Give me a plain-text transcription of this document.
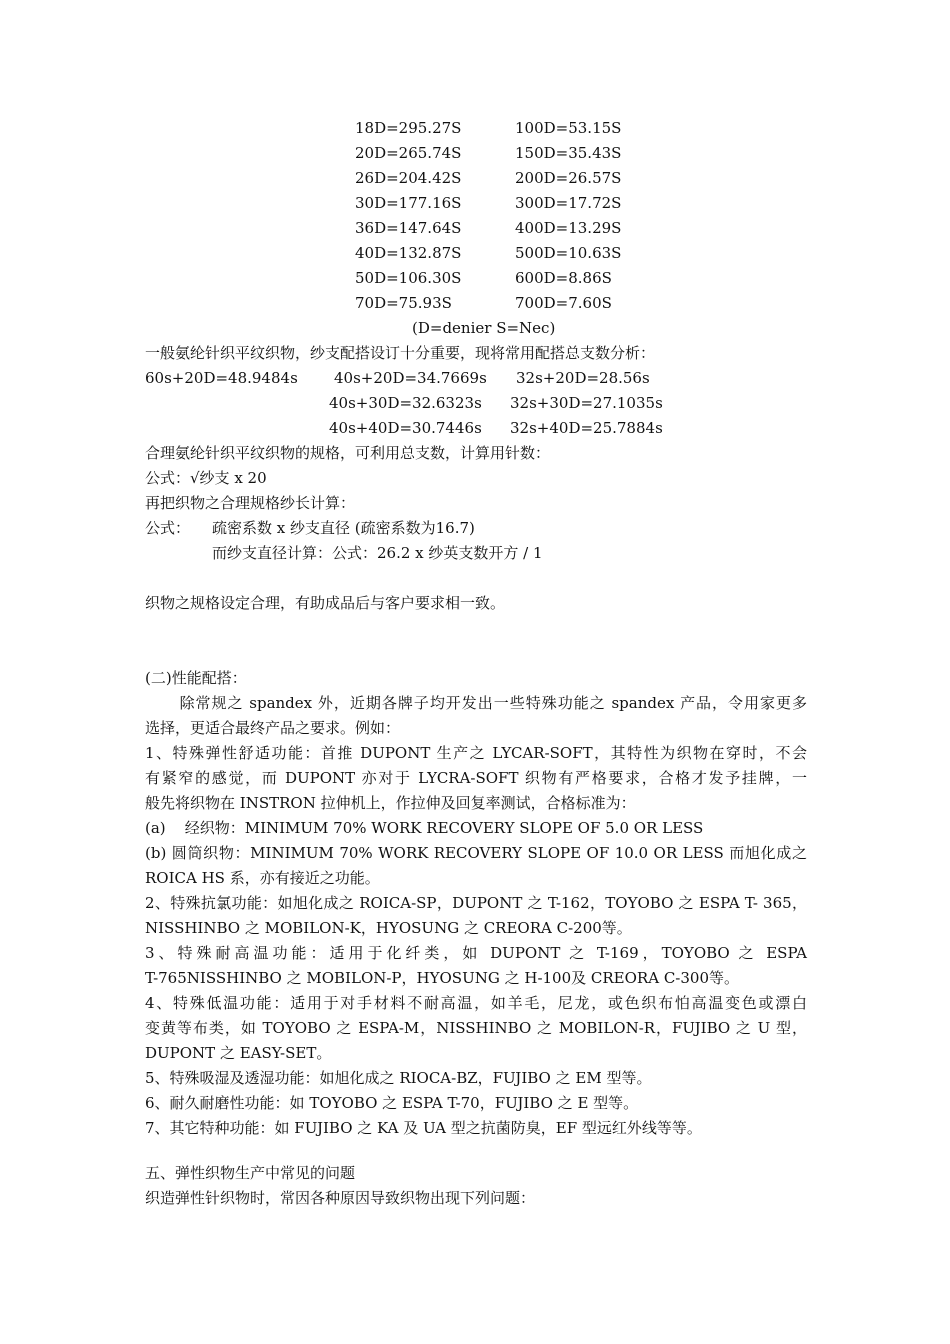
18D=295.27S	100D=53.15S
20D=265.74S	150D=35.43S
26D=204.42S	200D=26.57S
30D=177.16S	300D=17.72S
36D=147.64S	400D=13.29S
40D=132.87S	500D=10.63S
50D=106.30S	600D=8.86S
70D=75.93S	700D=7.60S
(D=denier S=Nec)
一般氨纶针织平纹织物，纱支配搭设订十分重要，现将常用配搭总支数分析：
60s+20D=48.9484s 40s+20D=34.7669s 32s+20D=28.56s
40s+30D=32.6323s 32s+30D=27.1035s
40s+40D=30.7446s 32s+40D=25.7884s
合理氨纶针织平纹织物的规格，可利用总支数，计算用针数：
公式：√纱支 x 20
再把织物之合理规格纱长计算：
公式： 疏密系数 x 纱支直径 (疏密系数为16.7)
而纱支直径计算：公式：26.2 x 纱英支数开方 / 1
织物之规格设定合理，有助成品后与客户要求相一致。
(二)性能配搭：
除常规之 spandex 外，近期各牌子均开发出一些特殊功能之 spandex 产品，令用家更多
选择，更适合最终产品之要求。例如：
1、特殊弹性舒适功能：首推 DUPONT 生产之 LYCAR-SOFT，其特性为织物在穿时，不会
有紧窄的感觉，而 DUPONT 亦对于 LYCRA-SOFT 织物有严格要求，合格才发予挂牌，一
般先将织物在 INSTRON 拉伸机上，作拉伸及回复率测试，合格标准为：
(a)    经织物：MINIMUM 70% WORK RECOVERY SLOPE OF 5.0 OR LESS
(b) 圆筒织物：MINIMUM 70% WORK RECOVERY SLOPE OF 10.0 OR LESS 而旭化成之
ROICA HS 系，亦有接近之功能。
2、特殊抗氯功能：如旭化成之 ROICA-SP，DUPONT 之 T-162，TOYOBO 之 ESPA T- 365，
NISSHINBO 之 MOBILON-K，HYOSUNG 之 CREORA C-200等。
3、特殊耐高温功能：适用于化纤类，如 DUPONT 之 T-169，TOYOBO 之 ESPA
T-765NISSHINBO 之 MOBILON-P，HYOSUNG 之 H-100及 CREORA C-300等。
4、特殊低温功能：适用于对手材料不耐高温，如羊毛，尼龙，或色织布怕高温变色或漂白
变黄等布类，如 TOYOBO 之 ESPA-M，NISSHINBO 之 MOBILON-R，FUJIBO 之 U 型，
DUPONT 之 EASY-SET。
5、特殊吸湿及透湿功能：如旭化成之 RIOCA-BZ，FUJIBO 之 EM 型等。
6、耐久耐磨性功能：如 TOYOBO 之 ESPA T-70，FUJIBO 之 E 型等。
7、其它特种功能：如 FUJIBO 之 KA 及 UA 型之抗菌防臭，EF 型远红外线等等。
五、弹性织物生产中常见的问题
织造弹性针织物时，常因各种原因导致织物出现下列问题：
